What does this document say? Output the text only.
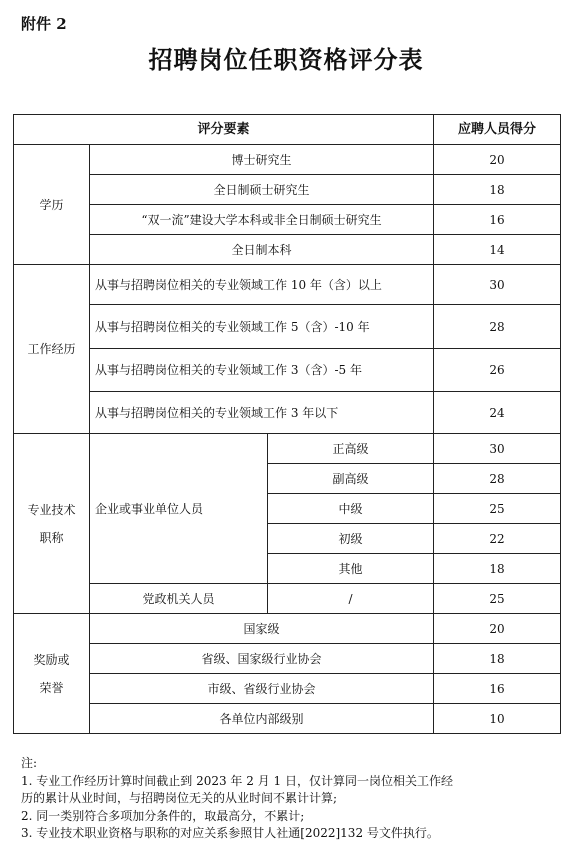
附件 2
招聘岗位任职资格评分表
评分要素			应聘人员得分
学历	博士研究生		20
	全日制硕士研究生		18
	“双一流”建设大学本科或非全日制硕士研究生		16
	全日制本科		14
工作经历	从事与招聘岗位相关的专业领域工作 10 年（含）以上		30
	从事与招聘岗位相关的专业领域工作 5（含）-10 年		28
	从事与招聘岗位相关的专业领域工作 3（含）-5 年		26
	从事与招聘岗位相关的专业领域工作 3 年以下		24

专业技术
职称	企业或事业单位人员	正高级	30
		副高级	28
		中级	25
		初级	22
		其他	18
	党政机关人员	/	25

奖励或
荣誉	国家级		20
	省级、国家级行业协会		18
	市级、省级行业协会		16
	各单位内部级别		10
注:
1. 专业工作经历计算时间截止到 2023 年 2 月 1 日，仅计算同一岗位相关工作经
历的累计从业时间，与招聘岗位无关的从业时间不累计计算;
2. 同一类别符合多项加分条件的，取最高分，不累计;
3. 专业技术职业资格与职称的对应关系参照甘人社通[2022]132 号文件执行。
